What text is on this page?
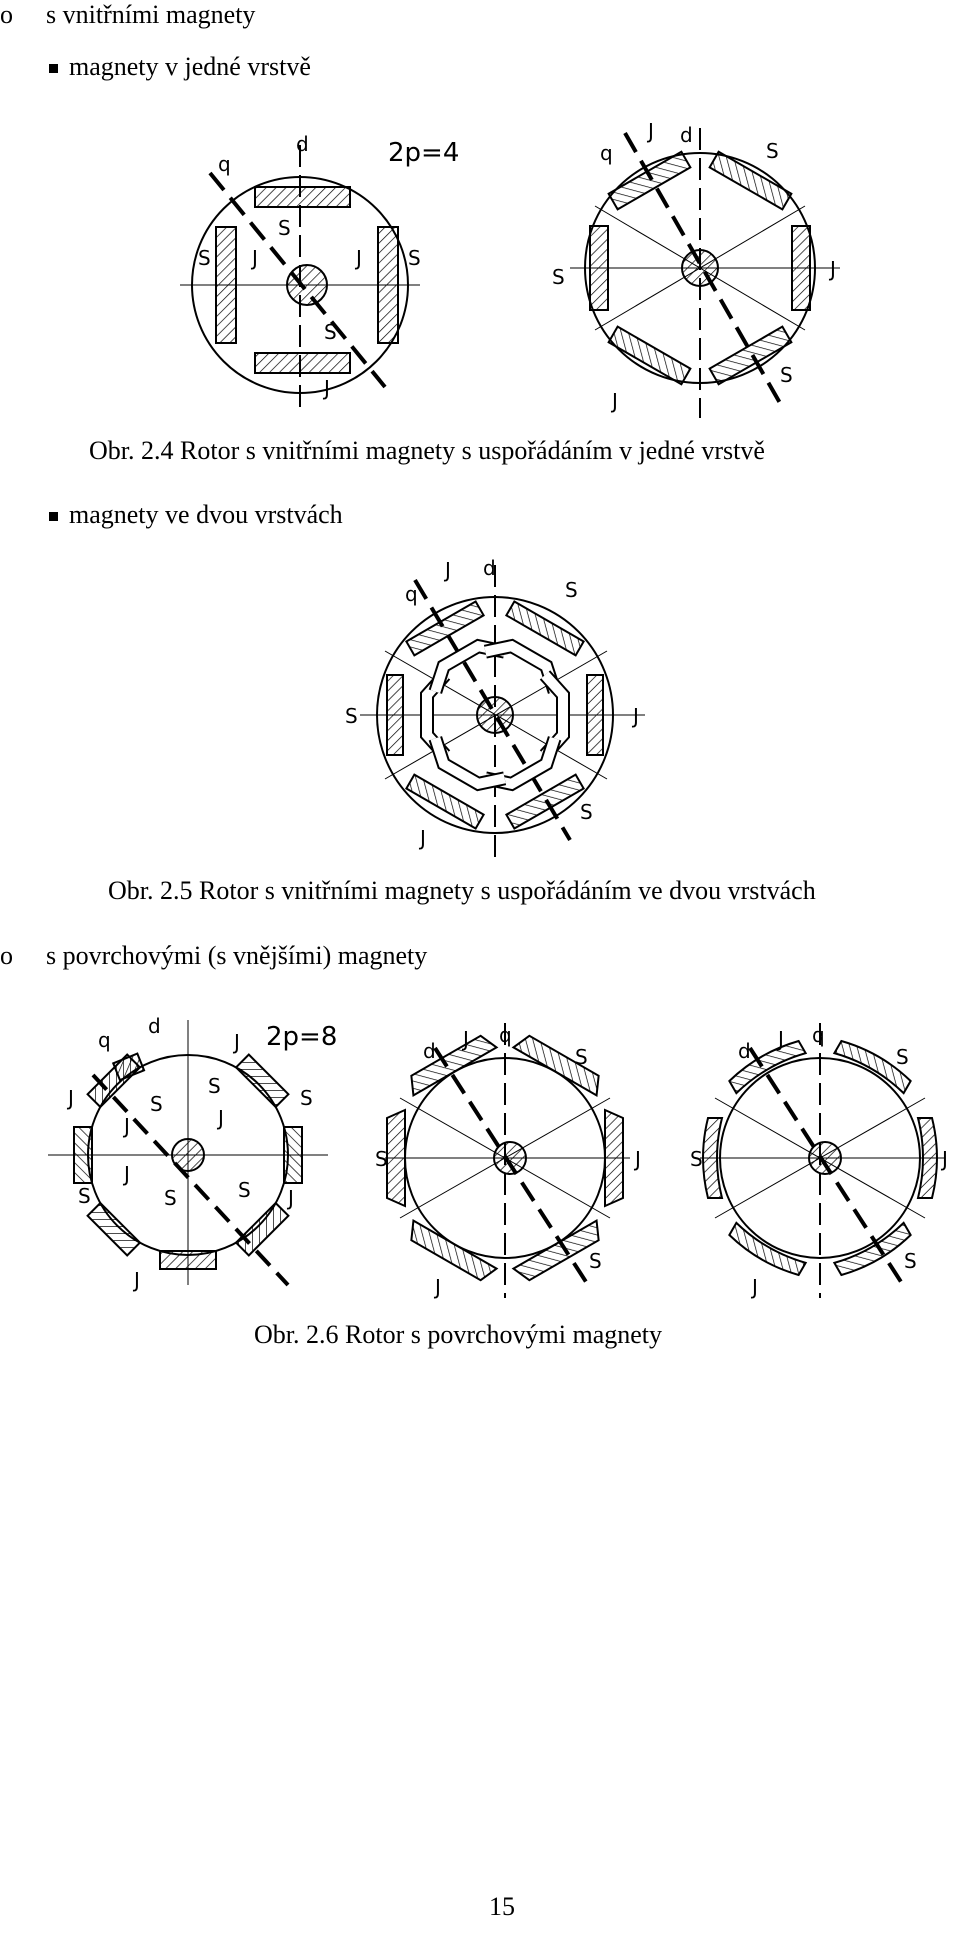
o s vnitřními magnety
magnety v jedné vrstvě
d
q	2p=4
S
S	S
S
J	J
J
d
q
J
J
J
S
S
S
Obr. 2.4 Rotor s vnitřními magnety s uspořádáním v jedné vrstvě
magnety ve dvou vrstvách
d
q
J
J
J
S
S
S
Obr. 2.5 Rotor s vnitřními magnety s uspořádáním ve dvou vrstvách
o s povrchovými (s vnějšími) magnety
d
q	2p=8
J
J
J
J
J
J
J
S	S
S
S	S	S
d
q
J
J
J
S
S
S
d
q
J
J
J
S
S
S
Obr. 2.6 Rotor s povrchovými magnety
15
